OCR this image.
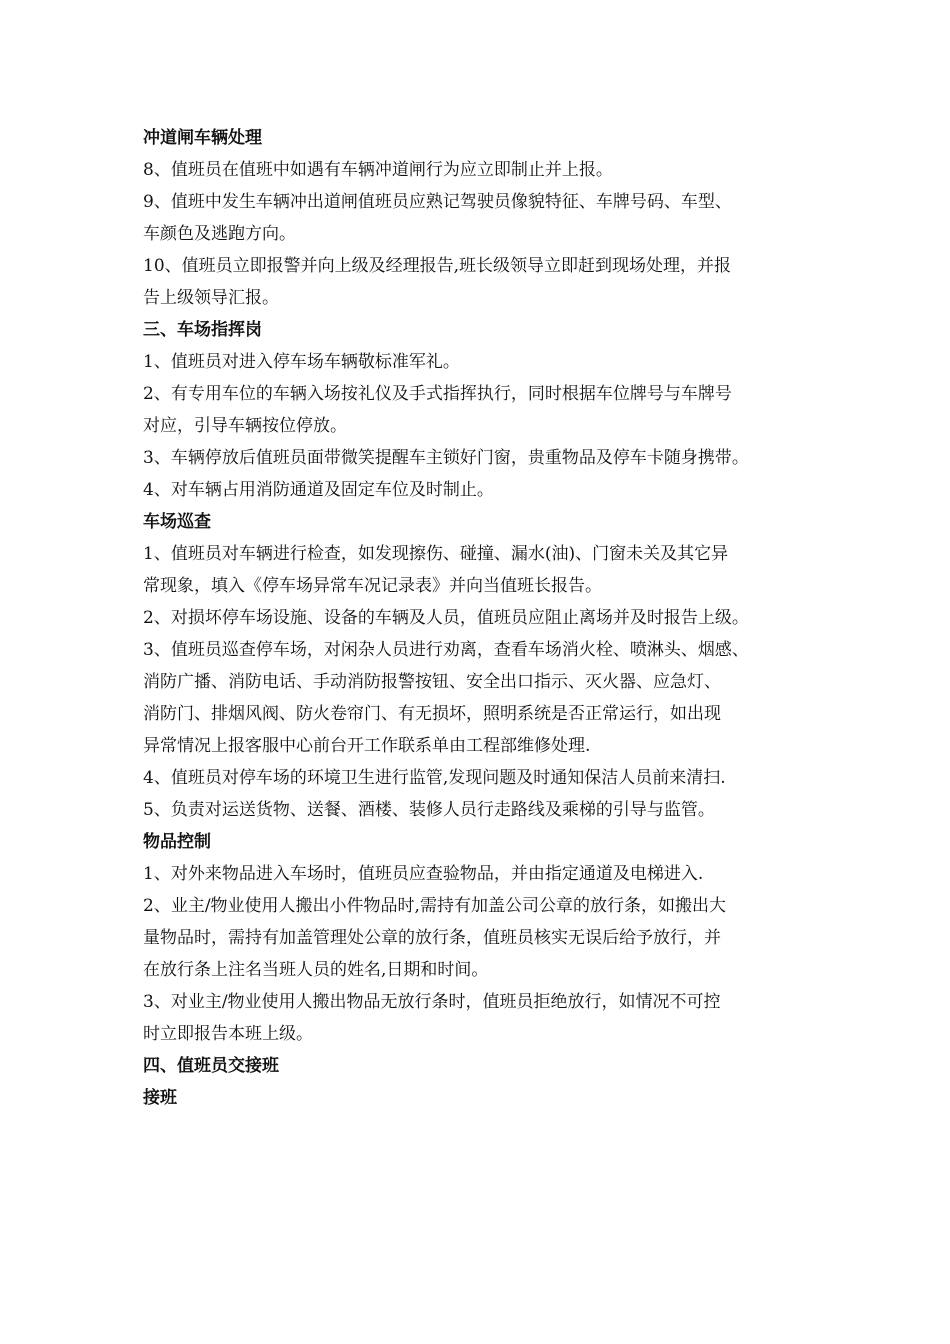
冲道闸车辆处理
8、值班员在值班中如遇有车辆冲道闸行为应立即制止并上报。
9、值班中发生车辆冲出道闸值班员应熟记驾驶员像貌特征、车牌号码、车型、
车颜色及逃跑方向。
10、值班员立即报警并向上级及经理报告,班长级领导立即赶到现场处理，并报
告上级领导汇报。
三、车场指挥岗
1、值班员对进入停车场车辆敬标准军礼。
2、有专用车位的车辆入场按礼仪及手式指挥执行，同时根据车位牌号与车牌号
对应，引导车辆按位停放。
3、车辆停放后值班员面带微笑提醒车主锁好门窗，贵重物品及停车卡随身携带。
4、对车辆占用消防通道及固定车位及时制止。
车场巡查
1、值班员对车辆进行检查，如发现擦伤、碰撞、漏水(油)、门窗未关及其它异
常现象，填入《停车场异常车况记录表》并向当值班长报告。
2、对损坏停车场设施、设备的车辆及人员，值班员应阻止离场并及时报告上级。
3、值班员巡查停车场，对闲杂人员进行劝离，查看车场消火栓、喷淋头、烟感、
消防广播、消防电话、手动消防报警按钮、安全出口指示、灭火器、应急灯、
消防门、排烟风阀、防火卷帘门、有无损坏，照明系统是否正常运行，如出现
异常情况上报客服中心前台开工作联系单由工程部维修处理.
4、值班员对停车场的环境卫生进行监管,发现问题及时通知保洁人员前来清扫.
5、负责对运送货物、送餐、酒楼、装修人员行走路线及乘梯的引导与监管。
物品控制
1、对外来物品进入车场时，值班员应查验物品，并由指定通道及电梯进入.
2、业主/物业使用人搬出小件物品时,需持有加盖公司公章的放行条，如搬出大
量物品时，需持有加盖管理处公章的放行条，值班员核实无误后给予放行，并
在放行条上注名当班人员的姓名,日期和时间。
3、对业主/物业使用人搬出物品无放行条时，值班员拒绝放行，如情况不可控
时立即报告本班上级。
四、值班员交接班
接班
